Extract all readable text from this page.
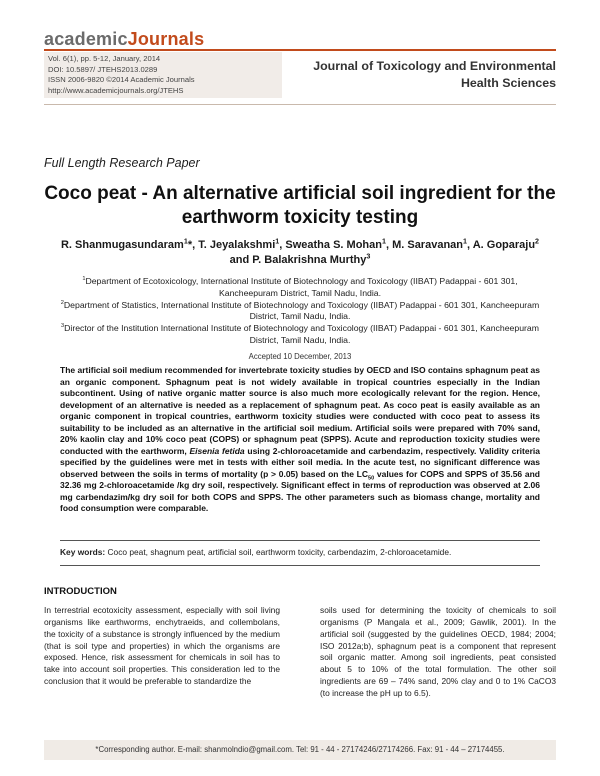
academicJournals
Vol. 6(1), pp. 5-12, January, 2014
DOI: 10.5897/ JTEHS2013.0289
ISSN 2006-9820 ©2014 Academic Journals
http://www.academicjournals.org/JTEHS
Journal of Toxicology and Environmental Health Sciences
Full Length Research Paper
Coco peat - An alternative artificial soil ingredient for the earthworm toxicity testing
R. Shanmugasundaram$^1$*, T. Jeyalakshmi$^1$, Sweatha S. Mohan$^1$, M. Saravanan$^1$, A. Goparaju$^2$ and P. Balakrishna Murthy$^3$
$^1$Department of Ecotoxicology, International Institute of Biotechnology and Toxicology (IIBAT) Padappai - 601 301, Kancheepuram District, Tamil Nadu, India.
$^2$Department of Statistics, International Institute of Biotechnology and Toxicology (IIBAT) Padappai - 601 301, Kancheepuram District, Tamil Nadu, India.
$^3$Director of the Institution International Institute of Biotechnology and Toxicology (IIBAT) Padappai - 601 301, Kancheepuram District, Tamil Nadu, India.
Accepted 10 December, 2013
The artificial soil medium recommended for invertebrate toxicity studies by OECD and ISO contains sphagnum peat as an organic component. Sphagnum peat is not widely available in tropical countries especially in the Indian subcontinent. Using of native organic matter source is also much more ecologically relevant for the region. Hence, development of an alternative is needed as a replacement of sphagnum peat. As coco peat is easily available as an organic component in tropical countries, earthworm toxicity studies were conducted with coco peat to assess its suitability to be included as an alternative in the artificial soil medium. Artificial soils were prepared with 70% sand, 20% kaolin clay and 10% coco peat (COPS) or sphagnum peat (SPPS). Acute and reproduction toxicity studies were conducted with the earthworm, Eisenia fetida using 2-chloroacetamide and carbendazim, respectively. Validity criteria specified by the guidelines were met in tests with either soil media. In the acute test, no significant difference was observed between the soils in terms of mortality (p > 0.05) based on the $LC_{50}$ values for COPS and SPPS of 35.56 and 32.36 mg 2-chloroacetamide /kg dry soil, respectively. Significant effect in terms of reproduction was observed at 2.06 mg carbendazim/kg dry soil for both COPS and SPPS. The other parameters such as biomass change, mortality and food consumption were comparable.
Key words: Coco peat, shagnum peat, artificial soil, earthworm toxicity, carbendazim, 2-chloroacetamide.
INTRODUCTION
In terrestrial ecotoxicity assessment, especially with soil living organisms like earthworms, enchytraeids, and collembolans, the toxicity of a substance is strongly influenced by the medium (that is soil type and properties) in which the organisms are exposed. Hence, risk assessment for chemicals in soil has to take into account soil properties. This consideration led to the conclusion that it would be preferable to standardize the
soils used for determining the toxicity of chemicals to soil organisms (P Mangala et al., 2009; Gawlik, 2001). In the artificial soil (suggested by the guidelines OECD, 1984; 2004; ISO 2012a;b), sphagnum peat is a component that represent soil organic matter. Among soil ingredients, peat consisted about 5 to 10% of the total formulation. The other soil ingredients are 69 – 74% sand, 20% clay and 0 to 1% CaCO3 (to increase the pH up to 6.5).
*Corresponding author. E-mail: shanmolndio@gmail.com. Tel: 91 - 44 - 27174246/27174266. Fax: 91 - 44 – 27174455.
